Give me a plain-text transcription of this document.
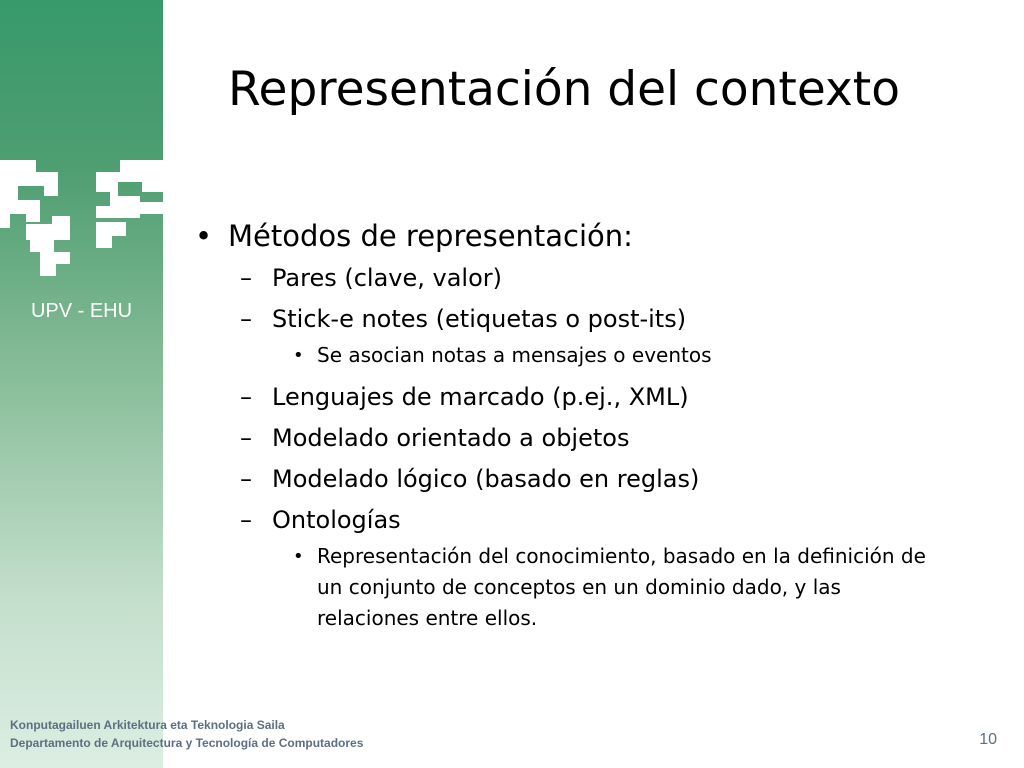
UPV - EHU
Representación del contexto
• Métodos de representación:
– Pares (clave, valor)
– Stick-e notes (etiquetas o post-its)
• Se asocian notas a mensajes o eventos
– Lenguajes de marcado (p.ej., XML)
– Modelado orientado a objetos
– Modelado lógico (basado en reglas)
– Ontologías
• Representación del conocimiento, basado en la definición de un conjunto de conceptos en un dominio dado, y las relaciones entre ellos.
Konputagailuen Arkitektura eta Teknologia Saila
Departamento de Arquitectura y Tecnología de Computadores	10
